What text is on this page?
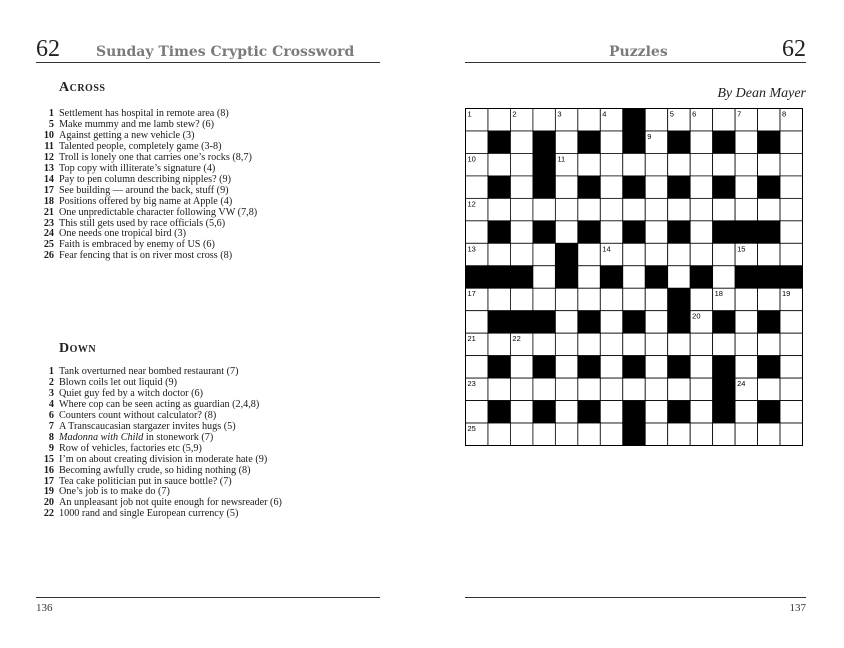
62	Sunday Times Cryptic Crossword
Across
1 Settlement has hospital in remote area (8)
5 Make mummy and me lamb stew? (6)
10 Against getting a new vehicle (3)
11 Talented people, completely game (3-8)
12 Troll is lonely one that carries one’s rocks (8,7)
13 Top copy with illiterate’s signature (4)
14 Pay to pen column describing nipples? (9)
17 See building — around the back, stuff (9)
18 Positions offered by big name at Apple (4)
21 One unpredictable character following VW (7,8)
23 This still gets used by race officials (5,6)
24 One needs one tropical bird (3)
25 Faith is embraced by enemy of US (6)
26 Fear fencing that is on river most cross (8)
Down
1 Tank overturned near bombed restaurant (7)
2 Blown coils let out liquid (9)
3 Quiet guy fed by a witch doctor (6)
4 Where cop can be seen acting as guardian (2,4,8)
6 Counters count without calculator? (8)
7 A Transcaucasian stargazer invites hugs (5)
8 Madonna with Child in stonework (7)
9 Row of vehicles, factories etc (5,9)
15 I’m on about creating division in moderate hate (9)
16 Becoming awfully crude, so hiding nothing (8)
17 Tea cake politician put in sauce bottle? (7)
19 One’s job is to make do (7)
20 An unpleasant job not quite enough for newsreader (6)
22 1000 rand and single European currency (5)
136
Puzzles	62
By Dean Mayer
137
1	2	3	4	5 6	7	8
9
10	11
12
13	14	15
16
17	18	19
20
21	22
23	24
25	26
